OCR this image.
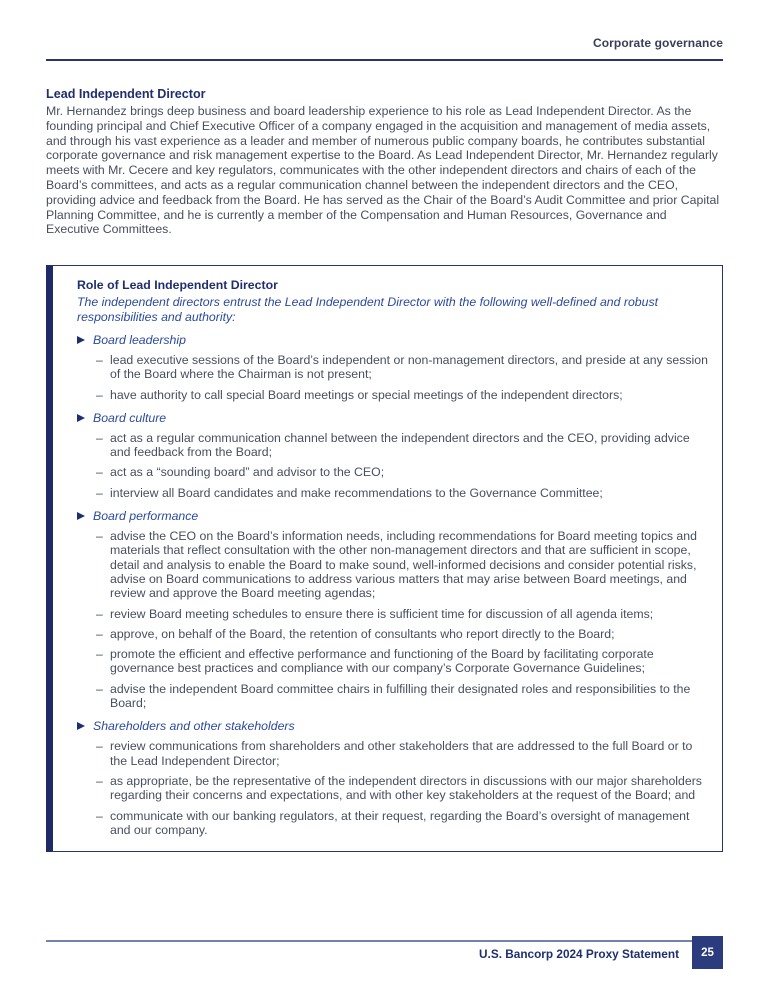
Corporate governance
Lead Independent Director

Mr. Hernandez brings deep business and board leadership experience to his role as Lead Independent Director. As the founding principal and Chief Executive Officer of a company engaged in the acquisition and management of media assets, and through his vast experience as a leader and member of numerous public company boards, he contributes substantial corporate governance and risk management expertise to the Board. As Lead Independent Director, Mr. Hernandez regularly meets with Mr. Cecere and key regulators, communicates with the other independent directors and chairs of each of the Board’s committees, and acts as a regular communication channel between the independent directors and the CEO, providing advice and feedback from the Board. He has served as the Chair of the Board’s Audit Committee and prior Capital Planning Committee, and he is currently a member of the Compensation and Human Resources, Governance and Executive Committees.

Role of Lead Independent Director
The independent directors entrust the Lead Independent Director with the following well-defined and robust responsibilities and authority:
Board leadership
– lead executive sessions of the Board’s independent or non-management directors, and preside at any session of the Board where the Chairman is not present;
– have authority to call special Board meetings or special meetings of the independent directors;
Board culture
– act as a regular communication channel between the independent directors and the CEO, providing advice and feedback from the Board;
– act as a “sounding board” and advisor to the CEO;
– interview all Board candidates and make recommendations to the Governance Committee;
Board performance
– advise the CEO on the Board’s information needs, including recommendations for Board meeting topics and materials that reflect consultation with the other non-management directors and that are sufficient in scope, detail and analysis to enable the Board to make sound, well-informed decisions and consider potential risks, advise on Board communications to address various matters that may arise between Board meetings, and review and approve the Board meeting agendas;
– review Board meeting schedules to ensure there is sufficient time for discussion of all agenda items;
– approve, on behalf of the Board, the retention of consultants who report directly to the Board;
– promote the efficient and effective performance and functioning of the Board by facilitating corporate governance best practices and compliance with our company’s Corporate Governance Guidelines;
– advise the independent Board committee chairs in fulfilling their designated roles and responsibilities to the Board;
Shareholders and other stakeholders
– review communications from shareholders and other stakeholders that are addressed to the full Board or to the Lead Independent Director;
– as appropriate, be the representative of the independent directors in discussions with our major shareholders regarding their concerns and expectations, and with other key stakeholders at the request of the Board; and
– communicate with our banking regulators, at their request, regarding the Board’s oversight of management and our company.
U.S. Bancorp 2024 Proxy Statement 25
